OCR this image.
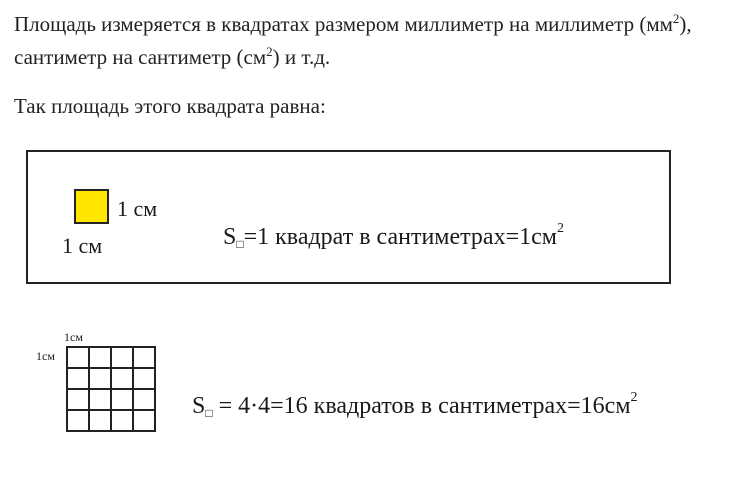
Площадь измеряется в квадратах размером миллиметр на миллиметр $(мм^2)$, сантиметр на сантиметр $(см^2)$ и т.д.

Так площадь этого квадрата равна:

1 см
1 см	$S_□=1$ квадрат в $сантиметрах=1см^2$
1см
1см

$S_□ = 4\cdot 4=16$ квадратов в $сантиметрах=16см^2$
